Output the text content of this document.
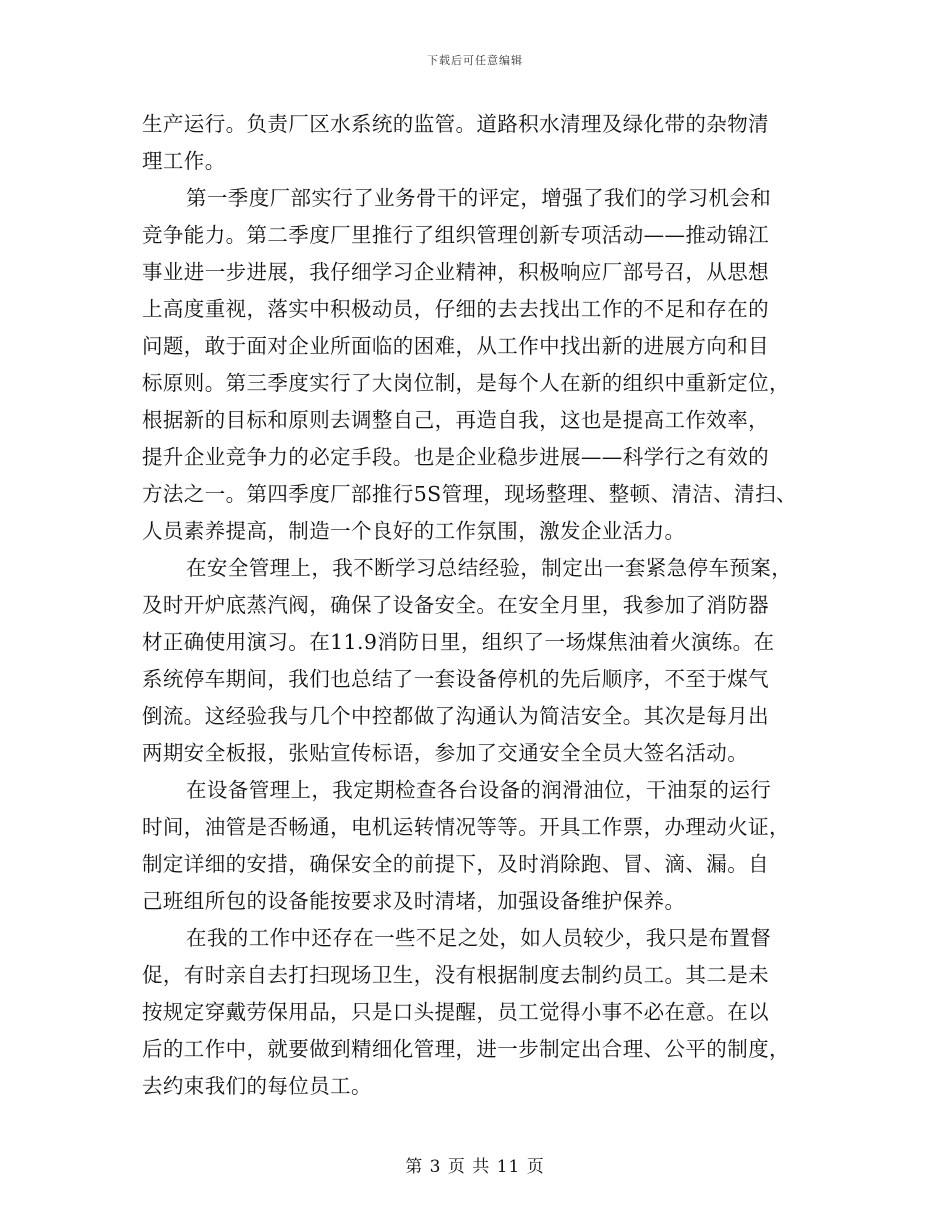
下载后可任意编辑
生产运行。负责厂区水系统的监管。道路积水清理及绿化带的杂物清
理工作。
第一季度厂部实行了业务骨干的评定，增强了我们的学习机会和
竞争能力。第二季度厂里推行了组织管理创新专项活动——推动锦江
事业进一步进展，我仔细学习企业精神，积极响应厂部号召，从思想
上高度重视，落实中积极动员，仔细的去去找出工作的不足和存在的
问题，敢于面对企业所面临的困难，从工作中找出新的进展方向和目
标原则。第三季度实行了大岗位制，是每个人在新的组织中重新定位，
根据新的目标和原则去调整自己，再造自我，这也是提高工作效率，
提升企业竞争力的必定手段。也是企业稳步进展——科学行之有效的
方法之一。第四季度厂部推行5S管理，现场整理、整顿、清洁、清扫、
人员素养提高，制造一个良好的工作氛围，激发企业活力。
在安全管理上，我不断学习总结经验，制定出一套紧急停车预案，
及时开炉底蒸汽阀，确保了设备安全。在安全月里，我参加了消防器
材正确使用演习。在11.9消防日里，组织了一场煤焦油着火演练。在
系统停车期间，我们也总结了一套设备停机的先后顺序，不至于煤气
倒流。这经验我与几个中控都做了沟通认为简洁安全。其次是每月出
两期安全板报，张贴宣传标语，参加了交通安全全员大签名活动。
在设备管理上，我定期检查各台设备的润滑油位，干油泵的运行
时间，油管是否畅通，电机运转情况等等。开具工作票，办理动火证，
制定详细的安措，确保安全的前提下，及时消除跑、冒、滴、漏。自
己班组所包的设备能按要求及时清堵，加强设备维护保养。
在我的工作中还存在一些不足之处，如人员较少，我只是布置督
促，有时亲自去打扫现场卫生，没有根据制度去制约员工。其二是未
按规定穿戴劳保用品，只是口头提醒，员工觉得小事不必在意。在以
后的工作中，就要做到精细化管理，进一步制定出合理、公平的制度，
去约束我们的每位员工。
第 3 页 共 11 页
